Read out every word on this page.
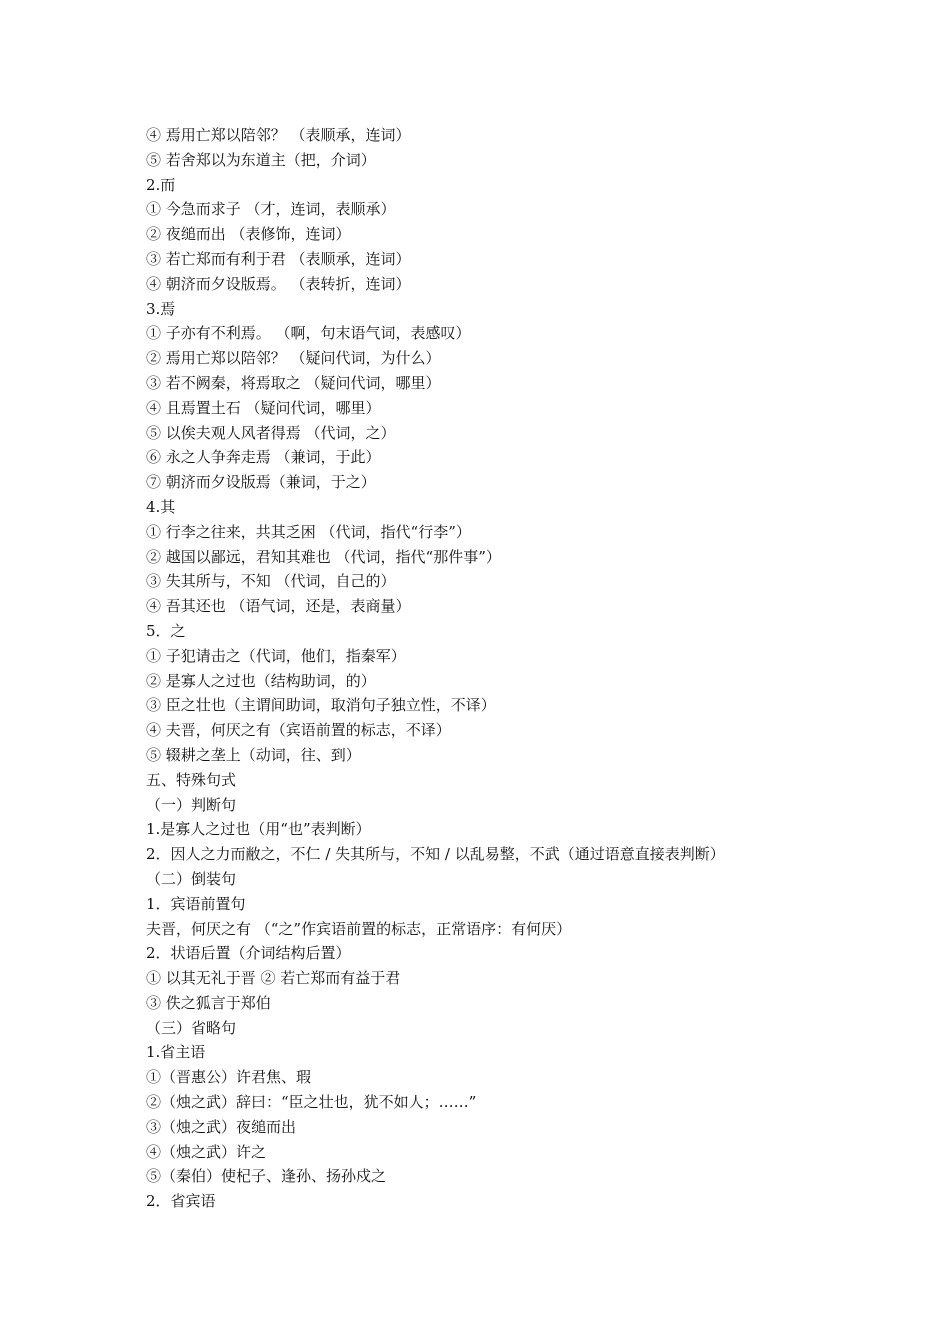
④ 焉用亡郑以陪邻？ （表顺承，连词）
⑤ 若舍郑以为东道主（把，介词）
2.而
① 今急而求子 （才，连词，表顺承）
② 夜缒而出 （表修饰，连词）
③ 若亡郑而有利于君 （表顺承，连词）
④ 朝济而夕设版焉。 （表转折，连词）
3.焉
① 子亦有不利焉。 （啊，句末语气词，表感叹）
② 焉用亡郑以陪邻？ （疑问代词，为什么）
③ 若不阙秦，将焉取之 （疑问代词，哪里）
④ 且焉置土石 （疑问代词，哪里）
⑤ 以俟夫观人风者得焉 （代词，之）
⑥ 永之人争奔走焉 （兼词，于此）
⑦ 朝济而夕设版焉（兼词，于之）
4.其
① 行李之往来，共其乏困 （代词，指代“行李”）
② 越国以鄙远，君知其难也 （代词，指代“那件事”）
③ 失其所与，不知 （代词，自己的）
④ 吾其还也 （语气词，还是，表商量）
5．之
① 子犯请击之（代词，他们，指秦军）
② 是寡人之过也（结构助词，的）
③ 臣之壮也（主谓间助词，取消句子独立性，不译）
④ 夫晋，何厌之有（宾语前置的标志，不译）
⑤ 辍耕之垄上（动词，往、到）
五、特殊句式
（一）判断句
1.是寡人之过也（用“也”表判断）
2．因人之力而敝之，不仁 / 失其所与，不知 / 以乱易整，不武（通过语意直接表判断）
（二）倒装句
1．宾语前置句
夫晋，何厌之有 （“之”作宾语前置的标志，正常语序：有何厌）
2．状语后置（介词结构后置）
① 以其无礼于晋 ② 若亡郑而有益于君
③ 佚之狐言于郑伯
（三）省略句
1.省主语
①（晋惠公）许君焦、瑕
②（烛之武）辞曰：“臣之壮也，犹不如人；……”
③（烛之武）夜缒而出
④（烛之武）许之
⑤（秦伯）使杞子、逢孙、扬孙戍之
2．省宾语
